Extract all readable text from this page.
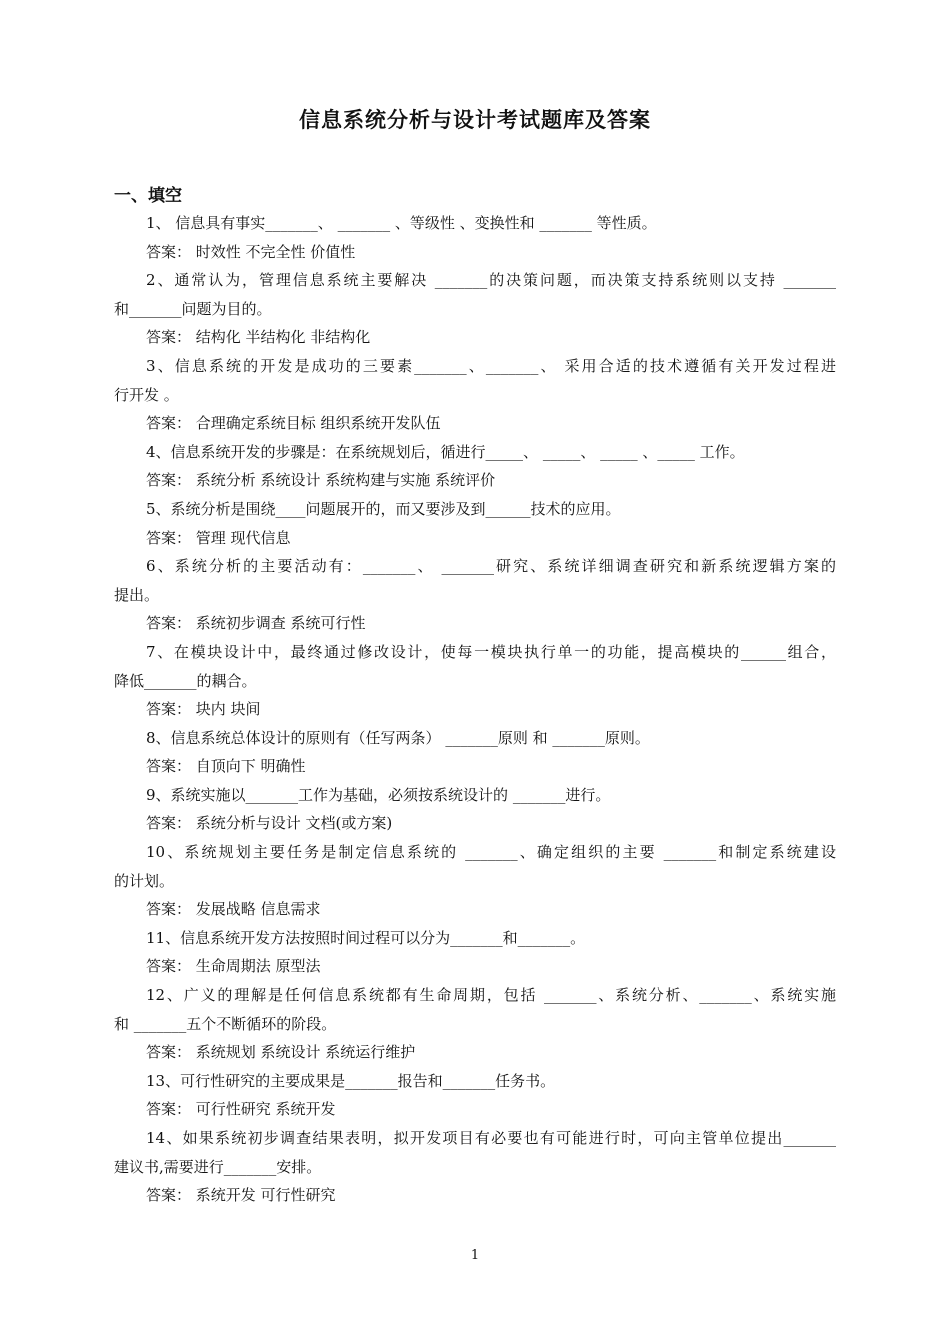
信息系统分析与设计考试题库及答案
一、填空
1、 信息具有事实_______、 _______ 、等级性 、变换性和 _______ 等性质。
答案： 时效性 不完全性 价值性
2、通常认为，管理信息系统主要解决 _______的决策问题，而决策支持系统则以支持 _______
和_______问题为目的。
答案： 结构化 半结构化 非结构化
3、信息系统的开发是成功的三要素_______、_______、 采用合适的技术遵循有关开发过程进
行开发 。
答案： 合理确定系统目标 组织系统开发队伍
4、信息系统开发的步骤是：在系统规划后，循进行_____、 _____、 _____ 、_____ 工作。
答案： 系统分析 系统设计 系统构建与实施 系统评价
5、系统分析是围绕____问题展开的，而又要涉及到______技术的应用。
答案： 管理 现代信息
6、系统分析的主要活动有：_______、 _______研究、系统详细调查研究和新系统逻辑方案的
提出。
答案： 系统初步调查 系统可行性
7、在模块设计中，最终通过修改设计，使每一模块执行单一的功能，提高模块的______组合，
降低_______的耦合。
答案： 块内 块间
8、信息系统总体设计的原则有（任写两条） _______原则 和 _______原则。
答案： 自顶向下 明确性
9、系统实施以_______工作为基础，必须按系统设计的 _______进行。
答案： 系统分析与设计 文档(或方案)
10、系统规划主要任务是制定信息系统的 _______、确定组织的主要 _______和制定系统建设
的计划。
答案： 发展战略 信息需求
11、信息系统开发方法按照时间过程可以分为_______和_______。
答案： 生命周期法 原型法
12、广义的理解是任何信息系统都有生命周期，包括 _______、系统分析、_______、系统实施
和 _______五个不断循环的阶段。
答案： 系统规划 系统设计 系统运行维护
13、可行性研究的主要成果是_______报告和_______任务书。
答案： 可行性研究 系统开发
14、如果系统初步调查结果表明，拟开发项目有必要也有可能进行时，可向主管单位提出_______
建议书,需要进行_______安排。
答案： 系统开发 可行性研究
1
